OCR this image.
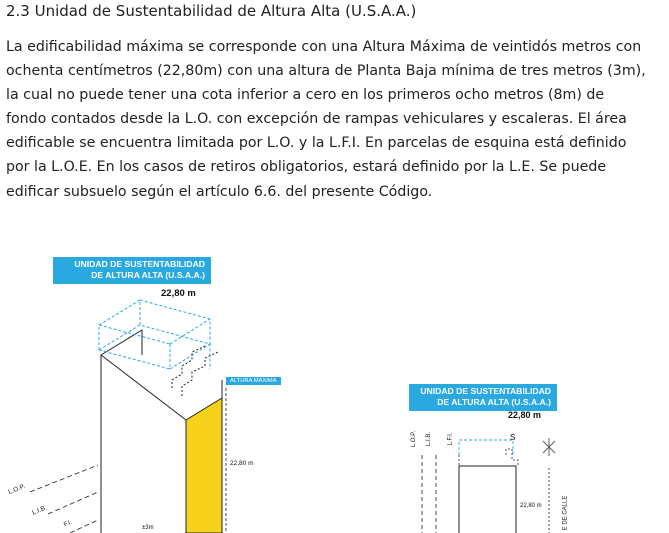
2.3 Unidad de Sustentabilidad de Altura Alta (U.S.A.A.)
La edificabilidad máxima se corresponde con una Altura Máxima de veintidós metros con
ochenta centímetros (22,80m) con una altura de Planta Baja mínima de tres metros (3m),
la cual no puede tener una cota inferior a cero en los primeros ocho metros (8m) de
fondo contados desde la L.O. con excepción de rampas vehiculares y escaleras. El área
edificable se encuentra limitada por L.O. y la L.F.I. En parcelas de esquina está definido
por la L.O.E. En los casos de retiros obligatorios, estará definido por la L.E. Se puede
edificar subsuelo según el artículo 6.6. del presente Código.
UNIDAD DE SUSTENTABILIDAD
DE ALTURA ALTA (U.S.A.A.)
22,80 m
ALTURA MÁXIMA
22,80 m
L.O.P.
L.I.B.
F.I.	±3m
UNIDAD DE SUSTENTABILIDAD
DE ALTURA ALTA (U.S.A.A.)
22,80 m
L.O.P. L.I.B.	L.F.I.	S
22,80 m	E DE CALLE
